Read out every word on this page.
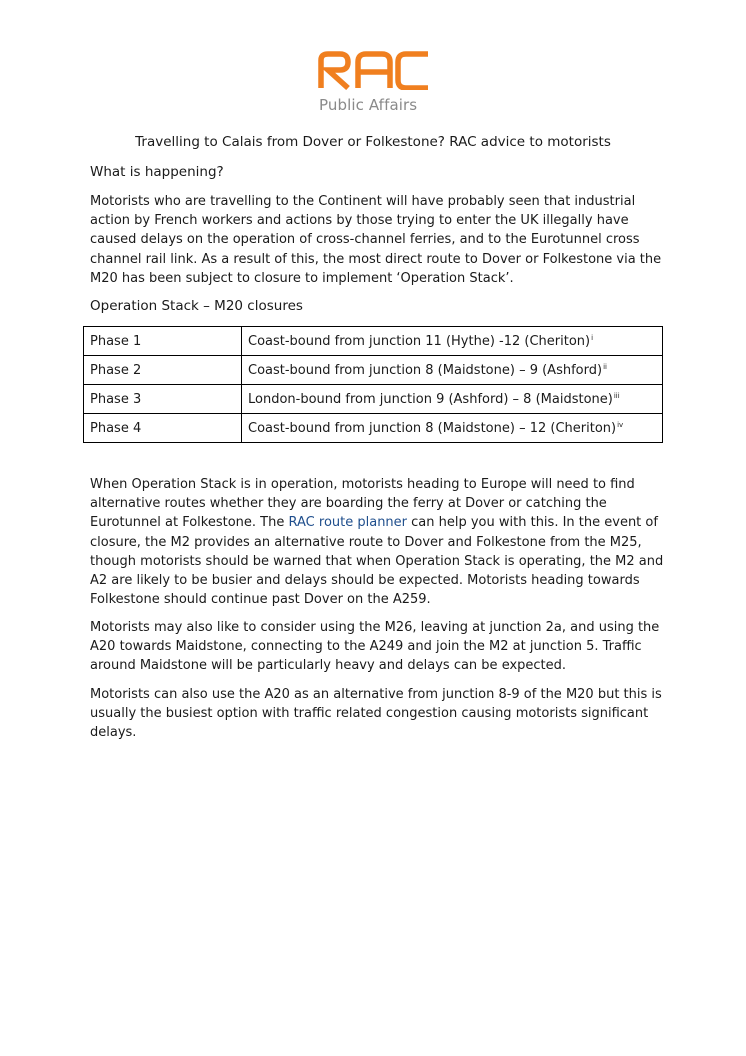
Public Affairs
Travelling to Calais from Dover or Folkestone? RAC advice to motorists
What is happening?
Motorists who are travelling to the Continent will have probably seen that industrial action by French workers and actions by those trying to enter the UK illegally have caused delays on the operation of cross-channel ferries, and to the Eurotunnel cross channel rail link. As a result of this, the most direct route to Dover or Folkestone via the M20 has been subject to closure to implement ‘Operation Stack’.
Operation Stack – M20 closures
Phase 1	Coast-bound from junction 11 (Hythe) -12 (Cheriton)$^i$
Phase 2	Coast-bound from junction 8 (Maidstone) – 9 (Ashford)$^{ii}$
Phase 3	London-bound from junction 9 (Ashford) – 8 (Maidstone)$^{iii}$
Phase 4	Coast-bound from junction 8 (Maidstone) – 12 (Cheriton)$^{iv}$
When Operation Stack is in operation, motorists heading to Europe will need to find alternative routes whether they are boarding the ferry at Dover or catching the Eurotunnel at Folkestone. The RAC route planner can help you with this. In the event of closure, the M2 provides an alternative route to Dover and Folkestone from the M25, though motorists should be warned that when Operation Stack is operating, the M2 and A2 are likely to be busier and delays should be expected. Motorists heading towards Folkestone should continue past Dover on the A259.
Motorists may also like to consider using the M26, leaving at junction 2a, and using the A20 towards Maidstone, connecting to the A249 and join the M2 at junction 5. Traffic around Maidstone will be particularly heavy and delays can be expected.
Motorists can also use the A20 as an alternative from junction 8-9 of the M20 but this is usually the busiest option with traffic related congestion causing motorists significant delays.
